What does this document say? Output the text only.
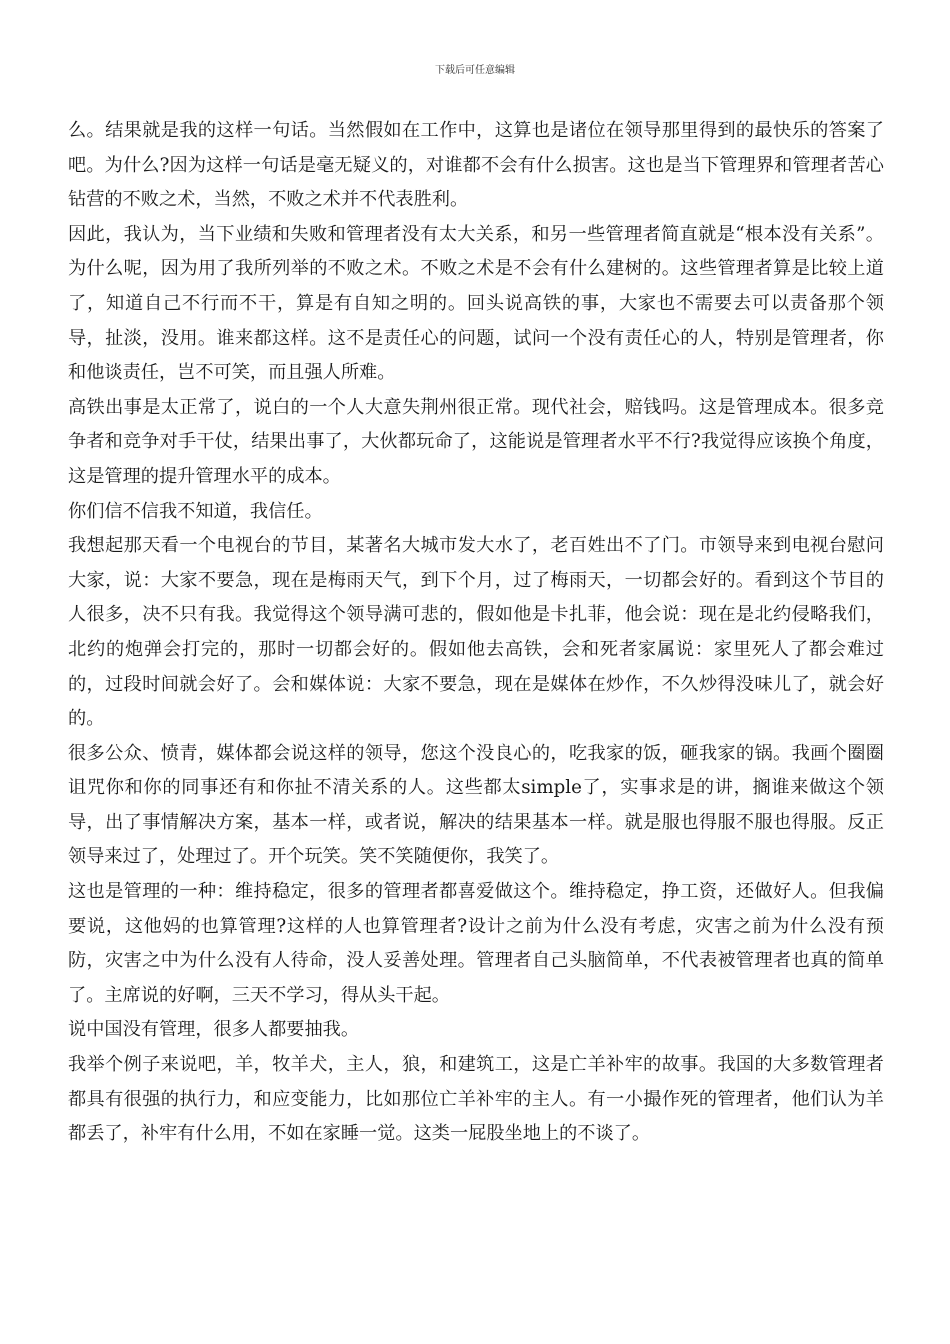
下载后可任意编辑

么。结果就是我的这样一句话。当然假如在工作中，这算也是诸位在领导那里得到的最快乐的答案了吧。为什么?因为这样一句话是毫无疑义的，对谁都不会有什么损害。这也是当下管理界和管理者苦心钻营的不败之术，当然，不败之术并不代表胜利。

因此，我认为，当下业绩和失败和管理者没有太大关系，和另一些管理者简直就是“根本没有关系”。为什么呢，因为用了我所列举的不败之术。不败之术是不会有什么建树的。这些管理者算是比较上道了，知道自己不行而不干，算是有自知之明的。回头说高铁的事，大家也不需要去可以责备那个领导，扯淡，没用。谁来都这样。这不是责任心的问题，试问一个没有责任心的人，特别是管理者，你和他谈责任，岂不可笑，而且强人所难。

高铁出事是太正常了，说白的一个人大意失荆州很正常。现代社会，赔钱吗。这是管理成本。很多竞争者和竞争对手干仗，结果出事了，大伙都玩命了，这能说是管理者水平不行?我觉得应该换个角度，这是管理的提升管理水平的成本。

你们信不信我不知道，我信任。

我想起那天看一个电视台的节目，某著名大城市发大水了，老百姓出不了门。市领导来到电视台慰问大家，说：大家不要急，现在是梅雨天气，到下个月，过了梅雨天，一切都会好的。看到这个节目的人很多，决不只有我。我觉得这个领导满可悲的，假如他是卡扎菲，他会说：现在是北约侵略我们，北约的炮弹会打完的，那时一切都会好的。假如他去高铁，会和死者家属说：家里死人了都会难过的，过段时间就会好了。会和媒体说：大家不要急，现在是媒体在炒作，不久炒得没味儿了，就会好的。

很多公众、愤青，媒体都会说这样的领导，您这个没良心的，吃我家的饭，砸我家的锅。我画个圈圈诅咒你和你的同事还有和你扯不清关系的人。这些都太simple了，实事求是的讲，搁谁来做这个领导，出了事情解决方案，基本一样，或者说，解决的结果基本一样。就是服也得服不服也得服。反正领导来过了，处理过了。开个玩笑。笑不笑随便你，我笑了。

这也是管理的一种：维持稳定，很多的管理者都喜爱做这个。维持稳定，挣工资，还做好人。但我偏要说，这他妈的也算管理?这样的人也算管理者?设计之前为什么没有考虑，灾害之前为什么没有预防，灾害之中为什么没有人待命，没人妥善处理。管理者自己头脑简单，不代表被管理者也真的简单了。主席说的好啊，三天不学习，得从头干起。

说中国没有管理，很多人都要抽我。

我举个例子来说吧，羊，牧羊犬，主人，狼，和建筑工，这是亡羊补牢的故事。我国的大多数管理者都具有很强的执行力，和应变能力，比如那位亡羊补牢的主人。有一小撮作死的管理者，他们认为羊都丢了，补牢有什么用，不如在家睡一觉。这类一屁股坐地上的不谈了。
